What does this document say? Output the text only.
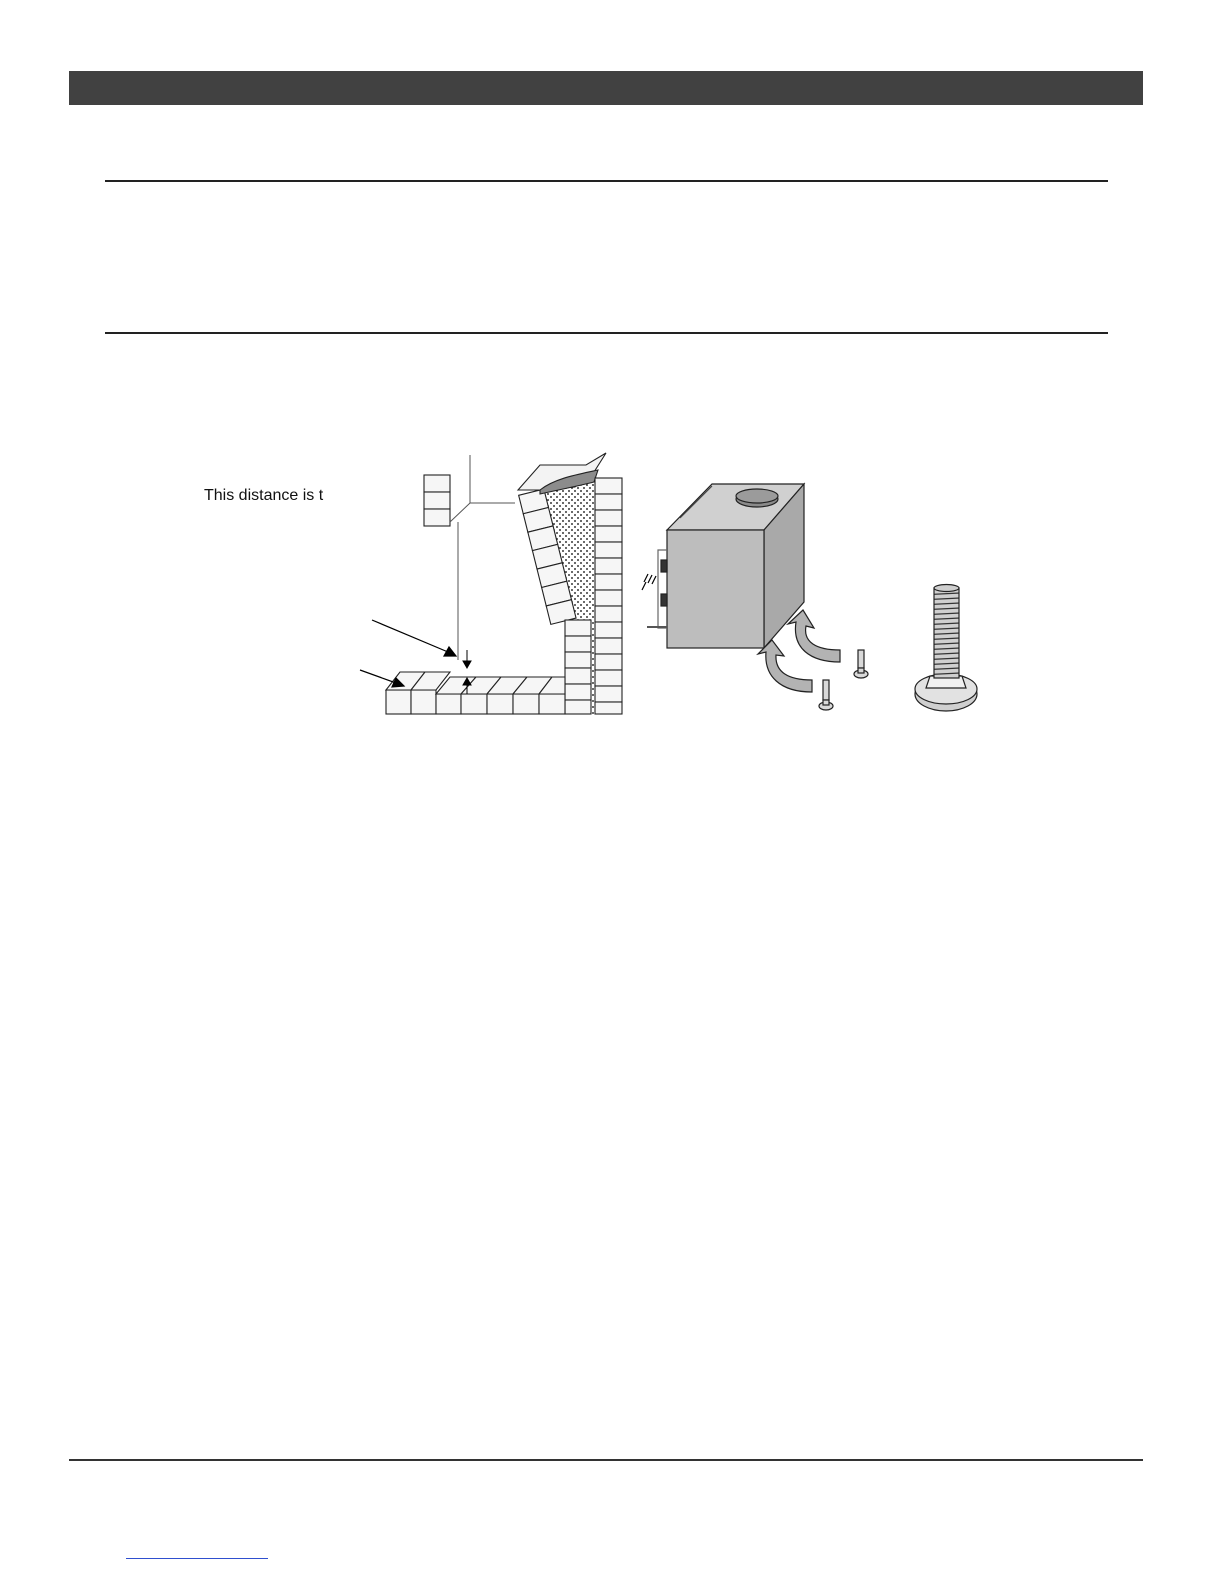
This distance is t
